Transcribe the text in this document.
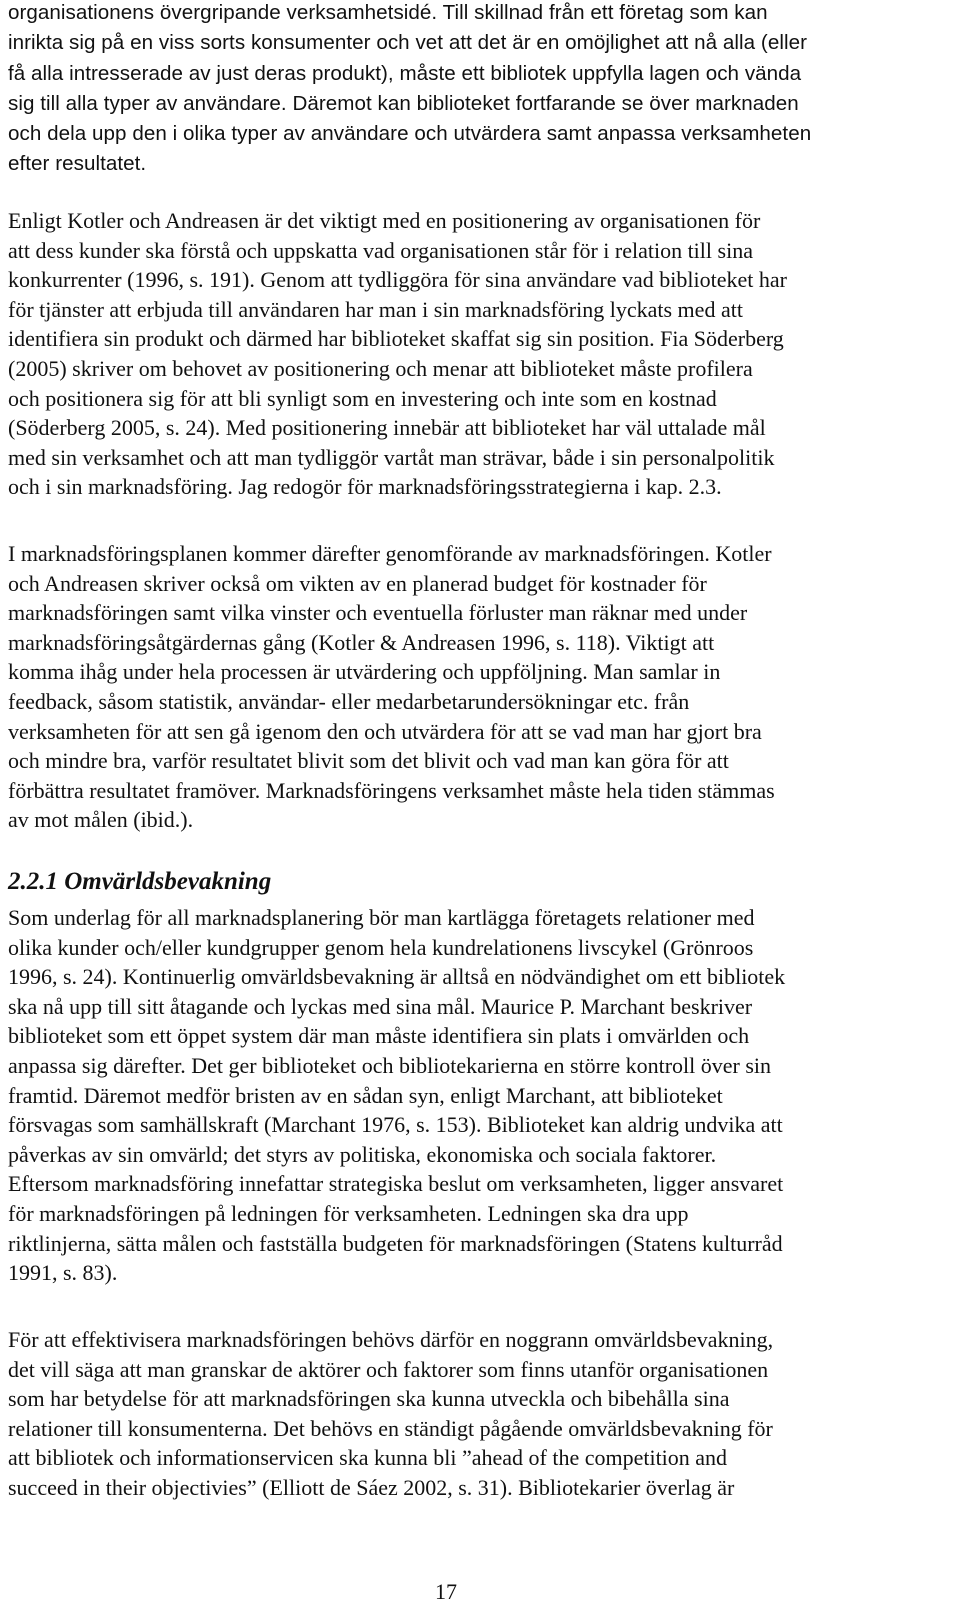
organisationens övergripande verksamhetsidé. Till skillnad från ett företag som kan
inrikta sig på en viss sorts konsumenter och vet att det är en omöjlighet att nå alla (eller
få alla intresserade av just deras produkt), måste ett bibliotek uppfylla lagen och vända
sig till alla typer av användare. Däremot kan biblioteket fortfarande se över marknaden
och dela upp den i olika typer av användare och utvärdera samt anpassa verksamheten
efter resultatet.
Enligt Kotler och Andreasen är det viktigt med en positionering av organisationen för
att dess kunder ska förstå och uppskatta vad organisationen står för i relation till sina
konkurrenter (1996, s. 191). Genom att tydliggöra för sina användare vad biblioteket har
för tjänster att erbjuda till användaren har man i sin marknadsföring lyckats med att
identifiera sin produkt och därmed har biblioteket skaffat sig sin position. Fia Söderberg
(2005) skriver om behovet av positionering och menar att biblioteket måste profilera
och positionera sig för att bli synligt som en investering och inte som en kostnad
(Söderberg 2005, s. 24). Med positionering innebär att biblioteket har väl uttalade mål
med sin verksamhet och att man tydliggör vartåt man strävar, både i sin personalpolitik
och i sin marknadsföring. Jag redogör för marknadsföringsstrategierna i kap. 2.3.
I marknadsföringsplanen kommer därefter genomförande av marknadsföringen. Kotler
och Andreasen skriver också om vikten av en planerad budget för kostnader för
marknadsföringen samt vilka vinster och eventuella förluster man räknar med under
marknadsföringsåtgärdernas gång (Kotler & Andreasen 1996, s. 118). Viktigt att
komma ihåg under hela processen är utvärdering och uppföljning. Man samlar in
feedback, såsom statistik, användar- eller medarbetarundersökningar etc. från
verksamheten för att sen gå igenom den och utvärdera för att se vad man har gjort bra
och mindre bra, varför resultatet blivit som det blivit och vad man kan göra för att
förbättra resultatet framöver. Marknadsföringens verksamhet måste hela tiden stämmas
av mot målen (ibid.).
2.2.1 Omvärldsbevakning
Som underlag för all marknadsplanering bör man kartlägga företagets relationer med
olika kunder och/eller kundgrupper genom hela kundrelationens livscykel (Grönroos
1996, s. 24). Kontinuerlig omvärldsbevakning är alltså en nödvändighet om ett bibliotek
ska nå upp till sitt åtagande och lyckas med sina mål. Maurice P. Marchant beskriver
biblioteket som ett öppet system där man måste identifiera sin plats i omvärlden och
anpassa sig därefter. Det ger biblioteket och bibliotekarierna en större kontroll över sin
framtid. Däremot medför bristen av en sådan syn, enligt Marchant, att biblioteket
försvagas som samhällskraft (Marchant 1976, s. 153). Biblioteket kan aldrig undvika att
påverkas av sin omvärld; det styrs av politiska, ekonomiska och sociala faktorer.
Eftersom marknadsföring innefattar strategiska beslut om verksamheten, ligger ansvaret
för marknadsföringen på ledningen för verksamheten. Ledningen ska dra upp
riktlinjerna, sätta målen och fastställa budgeten för marknadsföringen (Statens kulturråd
1991, s. 83).
För att effektivisera marknadsföringen behövs därför en noggrann omvärldsbevakning,
det vill säga att man granskar de aktörer och faktorer som finns utanför organisationen
som har betydelse för att marknadsföringen ska kunna utveckla och bibehålla sina
relationer till konsumenterna. Det behövs en ständigt pågående omvärldsbevakning för
att bibliotek och informationservicen ska kunna bli ”ahead of the competition and
succeed in their objectivies” (Elliott de Sáez 2002, s. 31). Bibliotekarier överlag är
17
